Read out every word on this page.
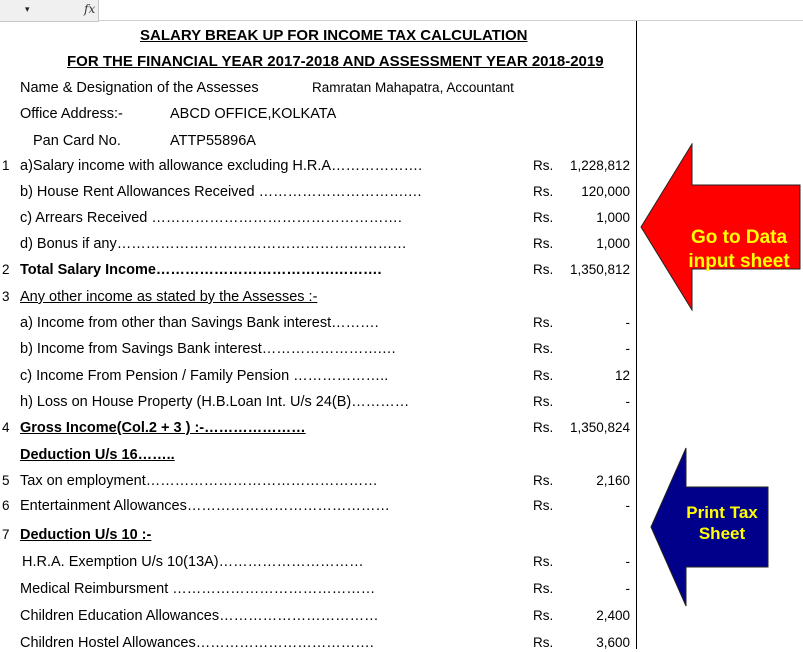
▾	fx
SALARY BREAK UP FOR INCOME TAX CALCULATION
FOR THE FINANCIAL YEAR 2017-2018 AND ASSESSMENT YEAR 2018-2019
Name & Designation of the Assesses	Ramratan Mahapatra, Accountant
Office Address:-	ABCD OFFICE,KOLKATA
Pan Card No.	ATTP55896A
1 a)Salary income with allowance excluding H.R.A……………….	Rs. 1,228,812
b) House Rent Allowances Received ………………………….…	Rs. 120,000
c) Arrears Received …………………………………………….	Rs.	1,000
d) Bonus if any……………………………………………………	Rs.	1,000
2 Total Salary Income……………………………….……….	Rs. 1,350,812
3 Any other income as stated by the Assesses :-
a) Income from other than Savings Bank interest……….	Rs.	-
b) Income from Savings Bank interest…………………….…	Rs.	-
c) Income From Pension / Family Pension ………………..	Rs.	12
h) Loss on House Property (H.B.Loan Int. U/s 24(B)…………	Rs.	-
4 Gross Income(Col.2 + 3 ) :-…………………	Rs. 1,350,824
Deduction U/s 16……..
5 Tax on employment…………………………………………	Rs.	2,160
6 Entertainment Allowances……………………………………	Rs.	-
7 Deduction U/s 10 :-
H.R.A. Exemption U/s 10(13A)…………………………	Rs.	-
Medical Reimbursment ……………………………………	Rs.	-
Children Education Allowances……………………………	Rs.	2,400
Children Hostel Allowances……………………………….	Rs.	3,600
Go to Data
input sheet
Print Tax
Sheet
